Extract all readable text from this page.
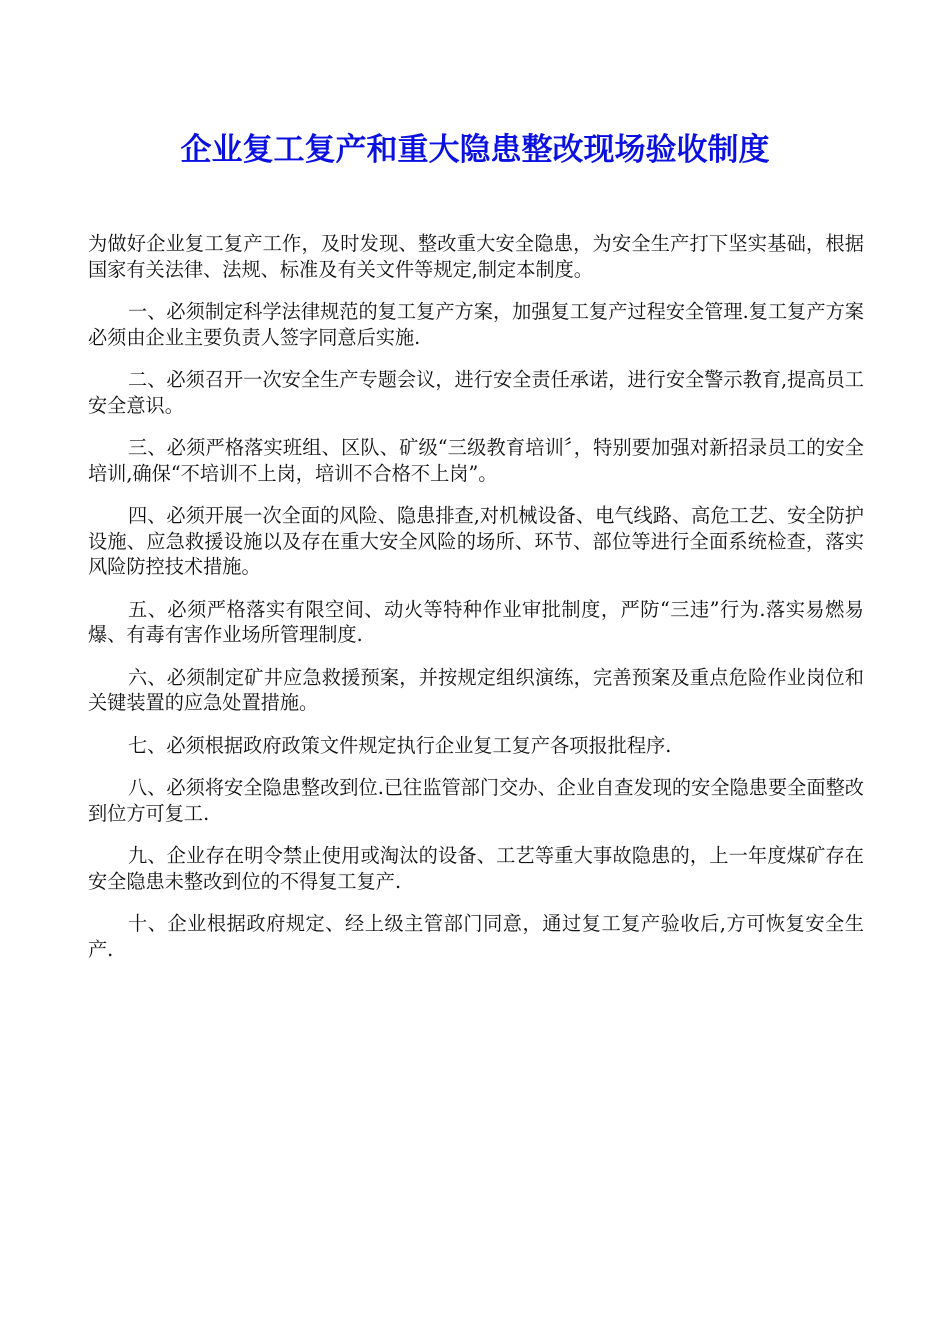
企业复工复产和重大隐患整改现场验收制度

为做好企业复工复产工作，及时发现、整改重大安全隐患，为安全生产打下坚实基础，根据国家有关法律、法规、标准及有关文件等规定,制定本制度。

一、必须制定科学法律规范的复工复产方案，加强复工复产过程安全管理.复工复产方案必须由企业主要负责人签字同意后实施.

二、必须召开一次安全生产专题会议，进行安全责任承诺，进行安全警示教育,提高员工安全意识。

三、必须严格落实班组、区队、矿级“三级教育培训〞，特别要加强对新招录员工的安全培训,确保“不培训不上岗，培训不合格不上岗”。

四、必须开展一次全面的风险、隐患排查,对机械设备、电气线路、高危工艺、安全防护设施、应急救援设施以及存在重大安全风险的场所、环节、部位等进行全面系统检查，落实风险防控技术措施。

五、必须严格落实有限空间、动火等特种作业审批制度，严防“三违”行为.落实易燃易爆、有毒有害作业场所管理制度.

六、必须制定矿井应急救援预案，并按规定组织演练，完善预案及重点危险作业岗位和关键装置的应急处置措施。

七、必须根据政府政策文件规定执行企业复工复产各项报批程序.

八、必须将安全隐患整改到位.已往监管部门交办、企业自查发现的安全隐患要全面整改到位方可复工.

九、企业存在明令禁止使用或淘汰的设备、工艺等重大事故隐患的，上一年度煤矿存在安全隐患未整改到位的不得复工复产.

十、企业根据政府规定、经上级主管部门同意，通过复工复产验收后,方可恢复安全生产.
